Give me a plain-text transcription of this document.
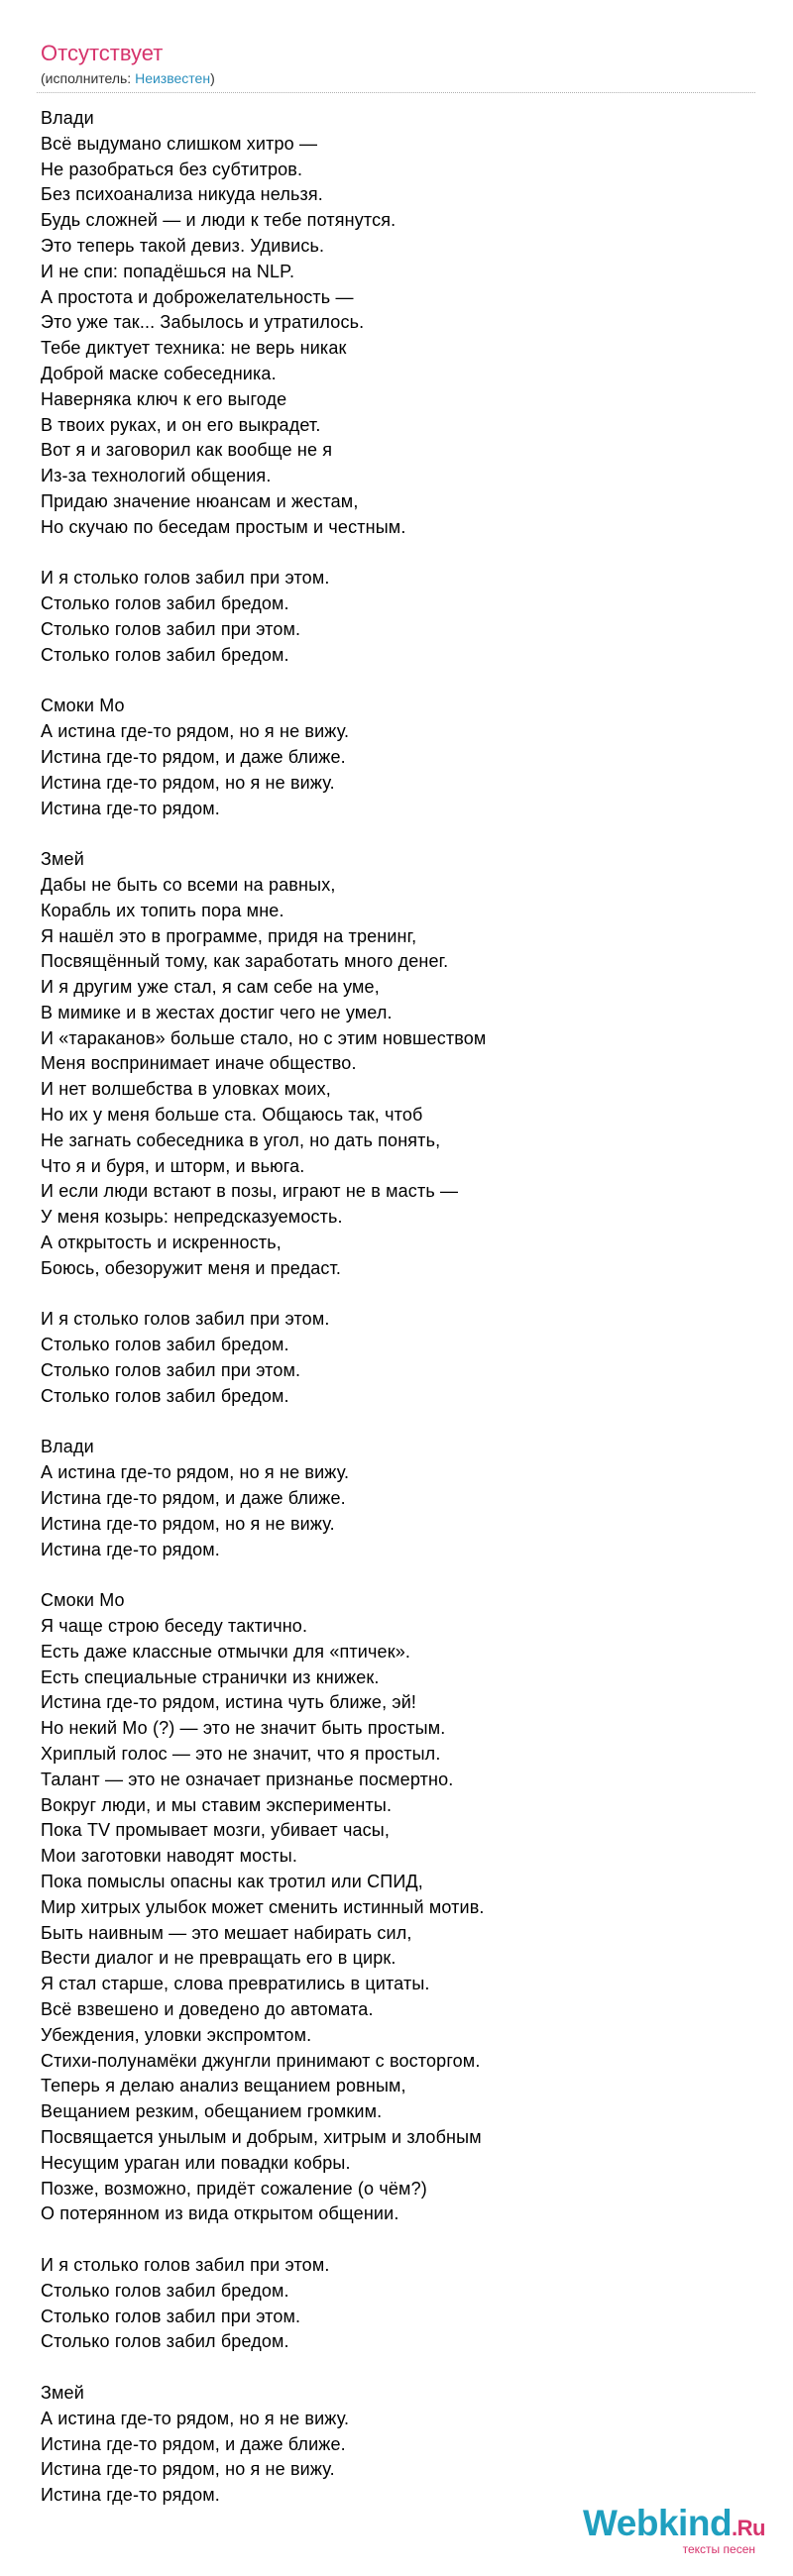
Отсутствует
(исполнитель: Неизвестен)
Влади
Всё выдумано слишком хитро —
Не разобраться без субтитров.
Без психоанализа никуда нельзя.
Будь сложней — и люди к тебе потянутся.
Это теперь такой девиз. Удивись.
И не спи: попадёшься на NLP.
А простота и доброжелательность —
Это уже так... Забылось и утратилось.
Тебе диктует техника: не верь никак
Доброй маске собеседника.
Наверняка ключ к его выгоде
В твоих руках, и он его выкрадет.
Вот я и заговорил как вообще не я
Из-за технологий общения.
Придаю значение нюансам и жестам,
Но скучаю по беседам простым и честным.
И я столько голов забил при этом.
Столько голов забил бредом.
Столько голов забил при этом.
Столько голов забил бредом.
Смоки Мо
А истина где-то рядом, но я не вижу.
Истина где-то рядом, и даже ближе.
Истина где-то рядом, но я не вижу.
Истина где-то рядом.
Змей
Дабы не быть со всеми на равных,
Корабль их топить пора мне.
Я нашёл это в программе, придя на тренинг,
Посвящённый тому, как заработать много денег.
И я другим уже стал, я сам себе на уме,
В мимике и в жестах достиг чего не умел.
И «тараканов» больше стало, но с этим новшеством
Меня воспринимает иначе общество.
И нет волшебства в уловках моих,
Но их у меня больше ста. Общаюсь так, чтоб
Не загнать собеседника в угол, но дать понять,
Что я и буря, и шторм, и вьюга.
И если люди встают в позы, играют не в масть —
У меня козырь: непредсказуемость.
А открытость и искренность,
Боюсь, обезоружит меня и предаст.
И я столько голов забил при этом.
Столько голов забил бредом.
Столько голов забил при этом.
Столько голов забил бредом.
Влади
А истина где-то рядом, но я не вижу.
Истина где-то рядом, и даже ближе.
Истина где-то рядом, но я не вижу.
Истина где-то рядом.
Смоки Мо
Я чаще строю беседу тактично.
Есть даже классные отмычки для «птичек».
Есть специальные странички из книжек.
Истина где-то рядом, истина чуть ближе, эй!
Но некий Мо (?) — это не значит быть простым.
Хриплый голос — это не значит, что я простыл.
Талант — это не означает признанье посмертно.
Вокруг люди, и мы ставим эксперименты.
Пока TV промывает мозги, убивает часы,
Мои заготовки наводят мосты.
Пока помыслы опасны как тротил или СПИД,
Мир хитрых улыбок может сменить истинный мотив.
Быть наивным — это мешает набирать сил,
Вести диалог и не превращать его в цирк.
Я стал старше, слова превратились в цитаты.
Всё взвешено и доведено до автомата.
Убеждения, уловки экспромтом.
Стихи-полунамёки джунгли принимают с восторгом.
Теперь я делаю анализ вещанием ровным,
Вещанием резким, обещанием громким.
Посвящается унылым и добрым, хитрым и злобным
Несущим ураган или повадки кобры.
Позже, возможно, придёт сожаление (о чём?)
О потерянном из вида открытом общении.
И я столько голов забил при этом.
Столько голов забил бредом.
Столько голов забил при этом.
Столько голов забил бредом.
Змей
А истина где-то рядом, но я не вижу.
Истина где-то рядом, и даже ближе.
Истина где-то рядом, но я не вижу.
Истина где-то рядом.
Webkind.Ru
тексты песен
